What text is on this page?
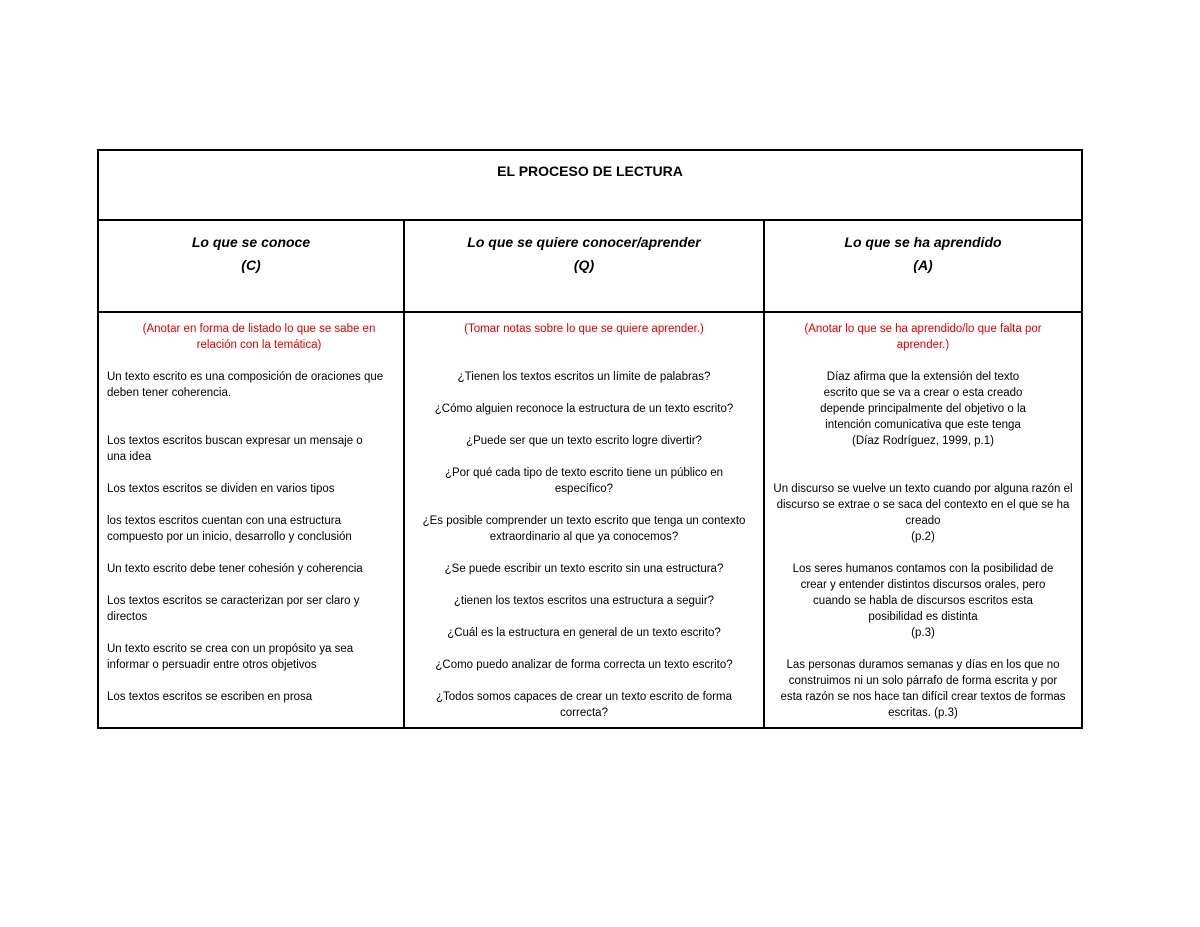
EL PROCESO DE LECTURA
Lo que se conoce
(C)
Lo que se quiere conocer/aprender
(Q)
Lo que se ha aprendido
(A)

(Anotar en forma de listado lo que se sabe en relación con la temática)

Un texto escrito es una composición de oraciones que deben tener coherencia.

Los textos escritos buscan expresar un mensaje o una idea

Los textos escritos se dividen en varios tipos

los textos escritos cuentan con una estructura compuesto por un inicio, desarrollo y conclusión

Un texto escrito debe tener cohesión y coherencia

Los textos escritos se caracterizan por ser claro y directos

Un texto escrito se crea con un propósito ya sea informar o persuadir entre otros objetivos

Los textos escritos se escriben en prosa

(Tomar notas sobre lo que se quiere aprender.)

¿Tienen los textos escritos un límite de palabras?

¿Cómo alguien reconoce la estructura de un texto escrito?

¿Puede ser que un texto escrito logre divertir?

¿Por qué cada tipo de texto escrito tiene un público en específico?

¿Es posible comprender un texto escrito que tenga un contexto extraordinario al que ya conocemos?

¿Se puede escribir un texto escrito sin una estructura?

¿tienen los textos escritos una estructura a seguir?

¿Cuál es la estructura en general de un texto escrito?

¿Como puedo analizar de forma correcta un texto escrito?

¿Todos somos capaces de crear un texto escrito de forma correcta?

(Anotar lo que se ha aprendido/lo que falta por aprender.)

Díaz afirma que la extensión del texto escrito que se va a crear o esta creado depende principalmente del objetivo o la intención comunicativa que este tenga

(Díaz Rodríguez, 1999, p.1)

Un discurso se vuelve un texto cuando por alguna razón el discurso se extrae o se saca del contexto en el que se ha creado

(p.2)

Los seres humanos contamos con la posibilidad de crear y entender distintos discursos orales, pero cuando se habla de discursos escritos esta posibilidad es distinta

(p.3)

Las personas duramos semanas y días en los que no construimos ni un solo párrafo de forma escrita y por esta razón se nos hace tan difícil crear textos de formas escritas. (p.3)
